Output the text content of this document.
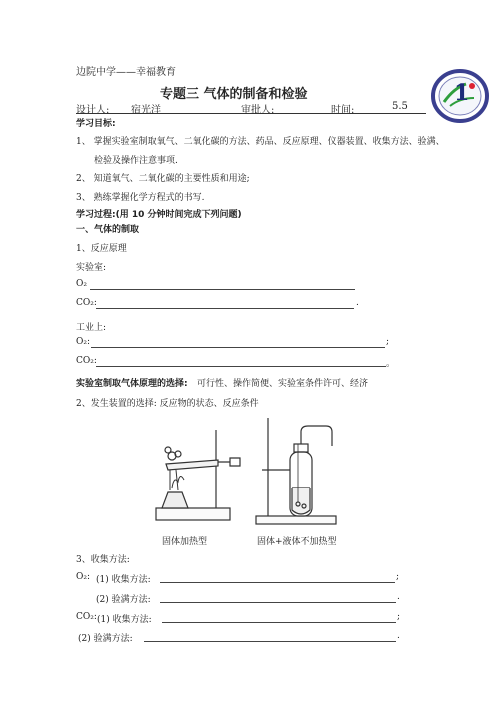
边院中学——幸福教育
专题三 气体的制备和检验
设计人: 宿光洋	审批人:	时间:	5.5
1
学习目标:
1、 掌握实验室制取氧气、二氧化碳的方法、药品、反应原理、仪器装置、收集方法、验满、
检验及操作注意事项.
2、 知道氧气、二氧化碳的主要性质和用途;
3、 熟练掌握化学方程式的书写.
学习过程:(用 10 分钟时间完成下列问题)
一、气体的制取
1、反应原理
实验室:
O₂
CO₂:	.
工业上:
O₂:	;
CO₂:	。
实验室制取气体原理的选择: 可行性、操作简便、实验室条件许可、经济
2、发生装置的选择: 反应物的状态、反应条件
固体加热型	固体+液体不加热型
3、收集方法:
O₂: (1) 收集方法:	;
(2) 验满方法:	.
CO₂: (1) 收集方法:	;
(2) 验满方法:	.
